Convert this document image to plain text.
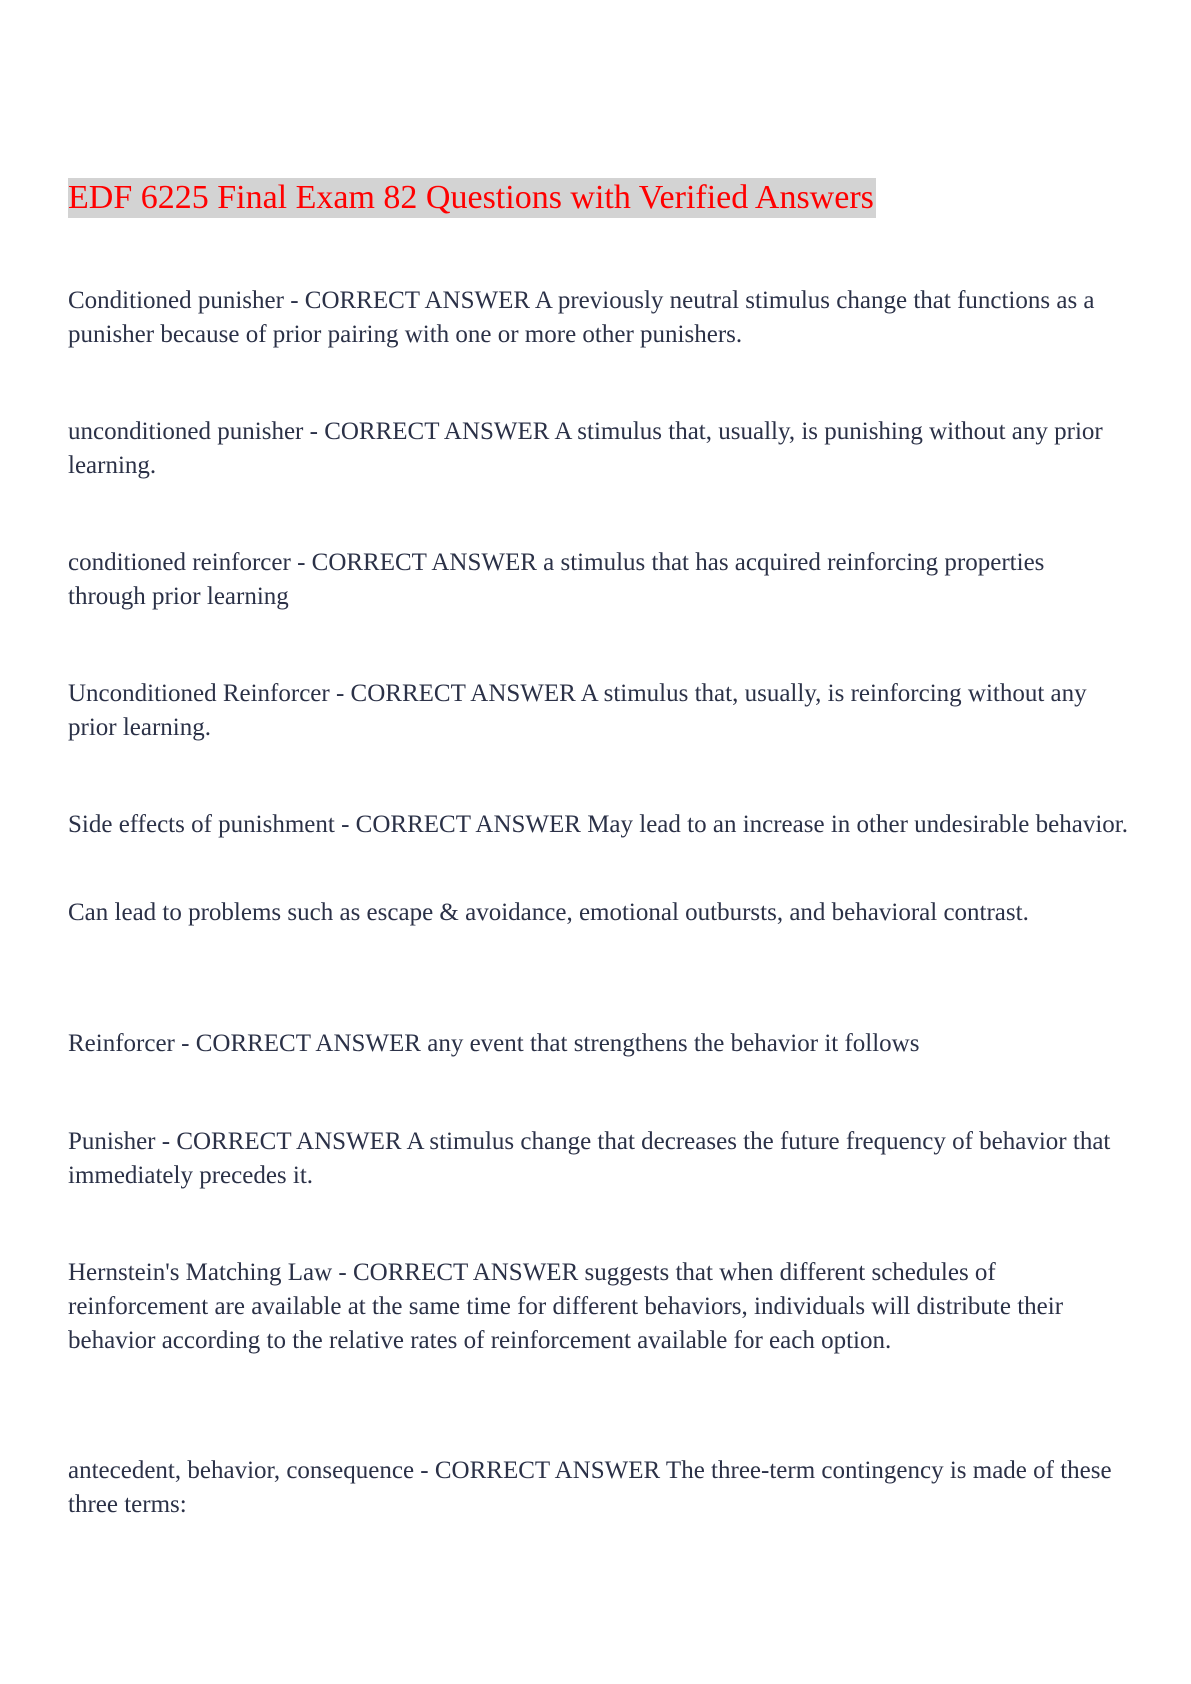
EDF 6225 Final Exam 82 Questions with Verified Answers

Conditioned punisher - CORRECT ANSWER A previously neutral stimulus change that functions as a punisher because of prior pairing with one or more other punishers.

unconditioned punisher - CORRECT ANSWER A stimulus that, usually, is punishing without any prior learning.

conditioned reinforcer - CORRECT ANSWER a stimulus that has acquired reinforcing properties through prior learning

Unconditioned Reinforcer - CORRECT ANSWER A stimulus that, usually, is reinforcing without any prior learning.

Side effects of punishment - CORRECT ANSWER May lead to an increase in other undesirable behavior.

Can lead to problems such as escape & avoidance, emotional outbursts, and behavioral contrast.

Reinforcer - CORRECT ANSWER any event that strengthens the behavior it follows

Punisher - CORRECT ANSWER A stimulus change that decreases the future frequency of behavior that immediately precedes it.

Hernstein's Matching Law - CORRECT ANSWER suggests that when different schedules of reinforcement are available at the same time for different behaviors, individuals will distribute their behavior according to the relative rates of reinforcement available for each option.

antecedent, behavior, consequence - CORRECT ANSWER The three-term contingency is made of these three terms:
